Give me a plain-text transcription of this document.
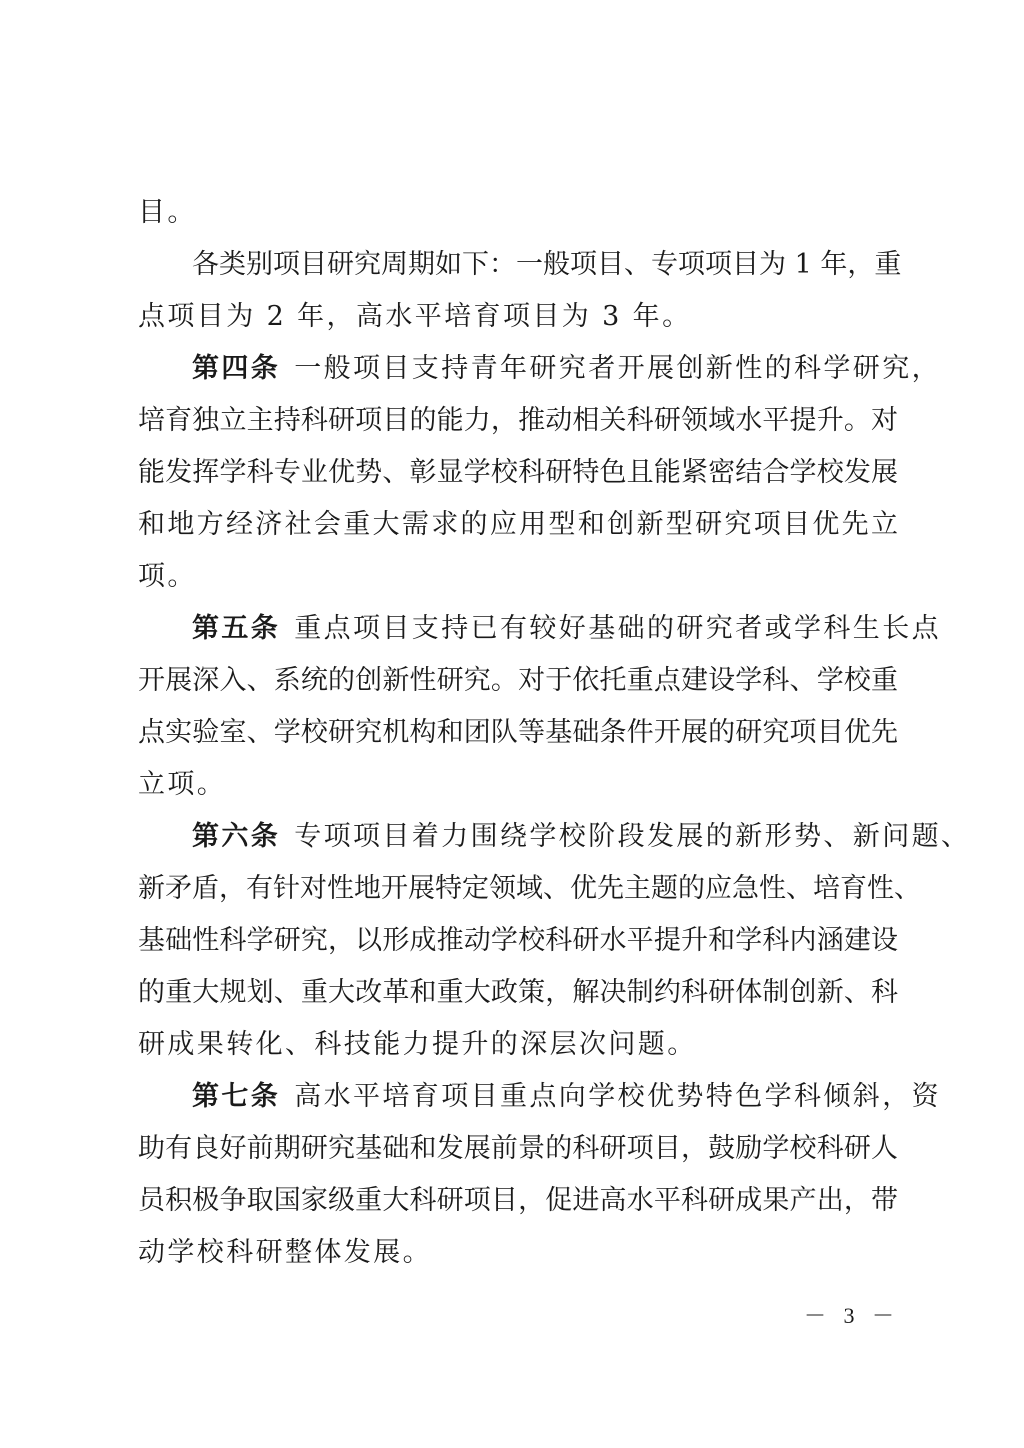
目。
各类别项目研究周期如下：一般项目、专项项目为 1 年，重
点项目为 2 年，高水平培育项目为 3 年。
第四条 一般项目支持青年研究者开展创新性的科学研究，
培育独立主持科研项目的能力，推动相关科研领域水平提升。对
能发挥学科专业优势、彰显学校科研特色且能紧密结合学校发展
和地方经济社会重大需求的应用型和创新型研究项目优先立
项。
第五条 重点项目支持已有较好基础的研究者或学科生长点
开展深入、系统的创新性研究。对于依托重点建设学科、学校重
点实验室、学校研究机构和团队等基础条件开展的研究项目优先
立项。
第六条 专项项目着力围绕学校阶段发展的新形势、新问题、
新矛盾，有针对性地开展特定领域、优先主题的应急性、培育性、
基础性科学研究，以形成推动学校科研水平提升和学科内涵建设
的重大规划、重大改革和重大政策，解决制约科研体制创新、科
研成果转化、科技能力提升的深层次问题。
第七条 高水平培育项目重点向学校优势特色学科倾斜，资
助有良好前期研究基础和发展前景的科研项目，鼓励学校科研人
员积极争取国家级重大科研项目，促进高水平科研成果产出，带
动学校科研整体发展。
－ 3 －
